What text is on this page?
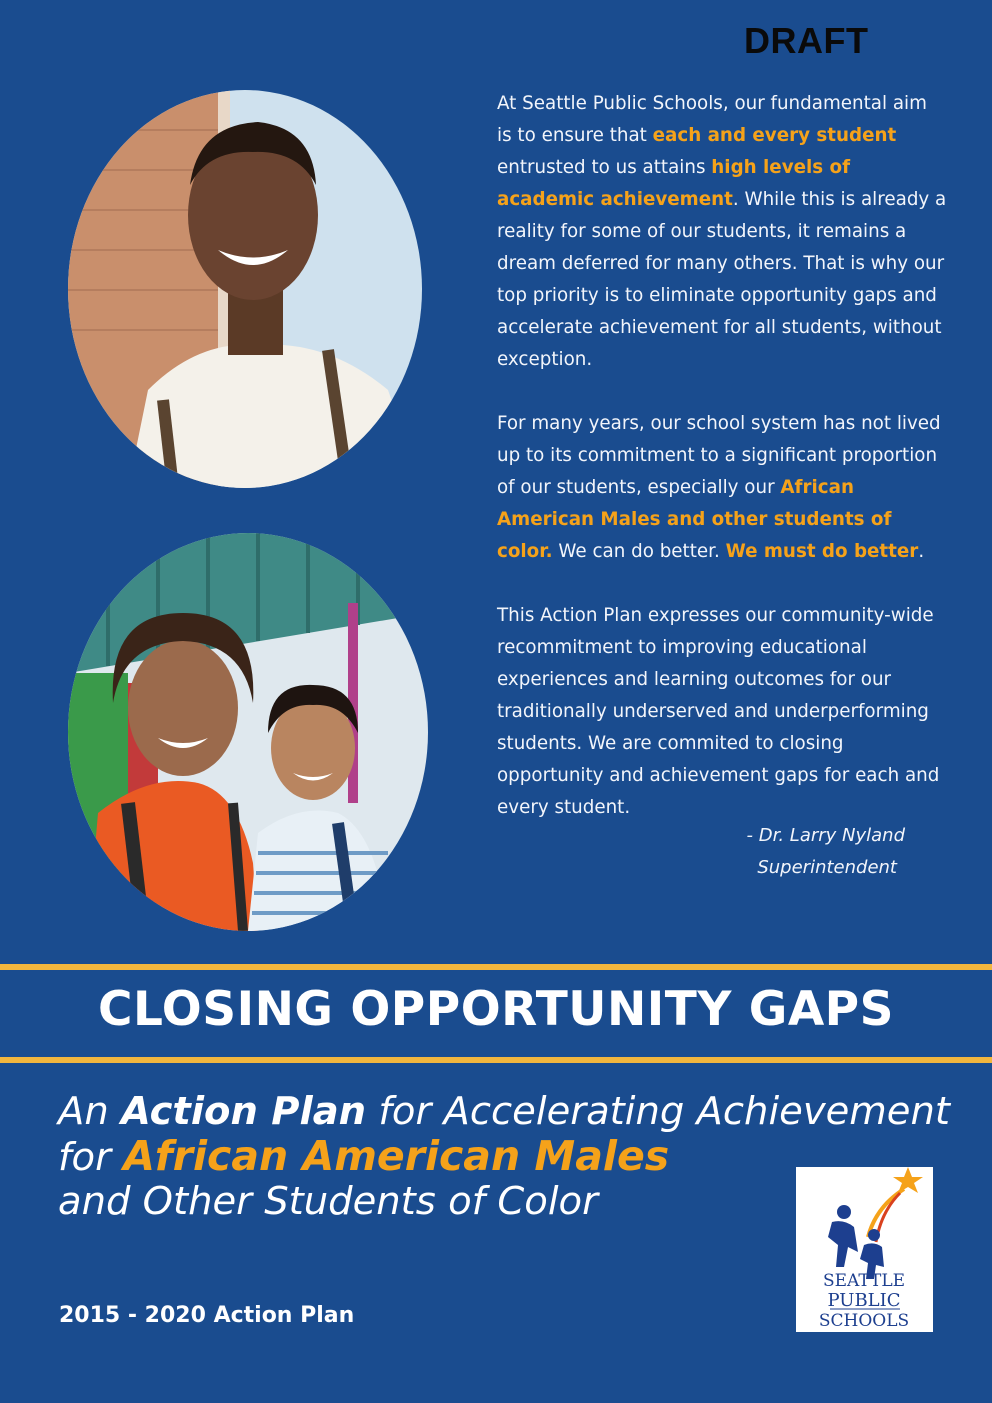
DRAFT

At Seattle Public Schools, our fundamental aim is to ensure that each and every student entrusted to us attains high levels of academic achievement. While this is already a reality for some of our students, it remains a dream deferred for many others. That is why our top priority is to eliminate opportunity gaps and accelerate achievement for all students, without exception.

For many years, our school system has not lived up to its commitment to a significant proportion of our students, especially our African American Males and other students of color. We can do better. We must do better.

This Action Plan expresses our community-wide recommitment to improving educational experiences and learning outcomes for our traditionally underserved and underperforming students. We are commited to closing opportunity and achievement gaps for each and every student.

- Dr. Larry Nyland
Superintendent
CLOSING OPPORTUNITY GAPS
An Action Plan for Accelerating Achievement
for African American Males
and Other Students of Color
2015 - 2020 Action Plan
SEATTLE
PUBLIC
SCHOOLS
